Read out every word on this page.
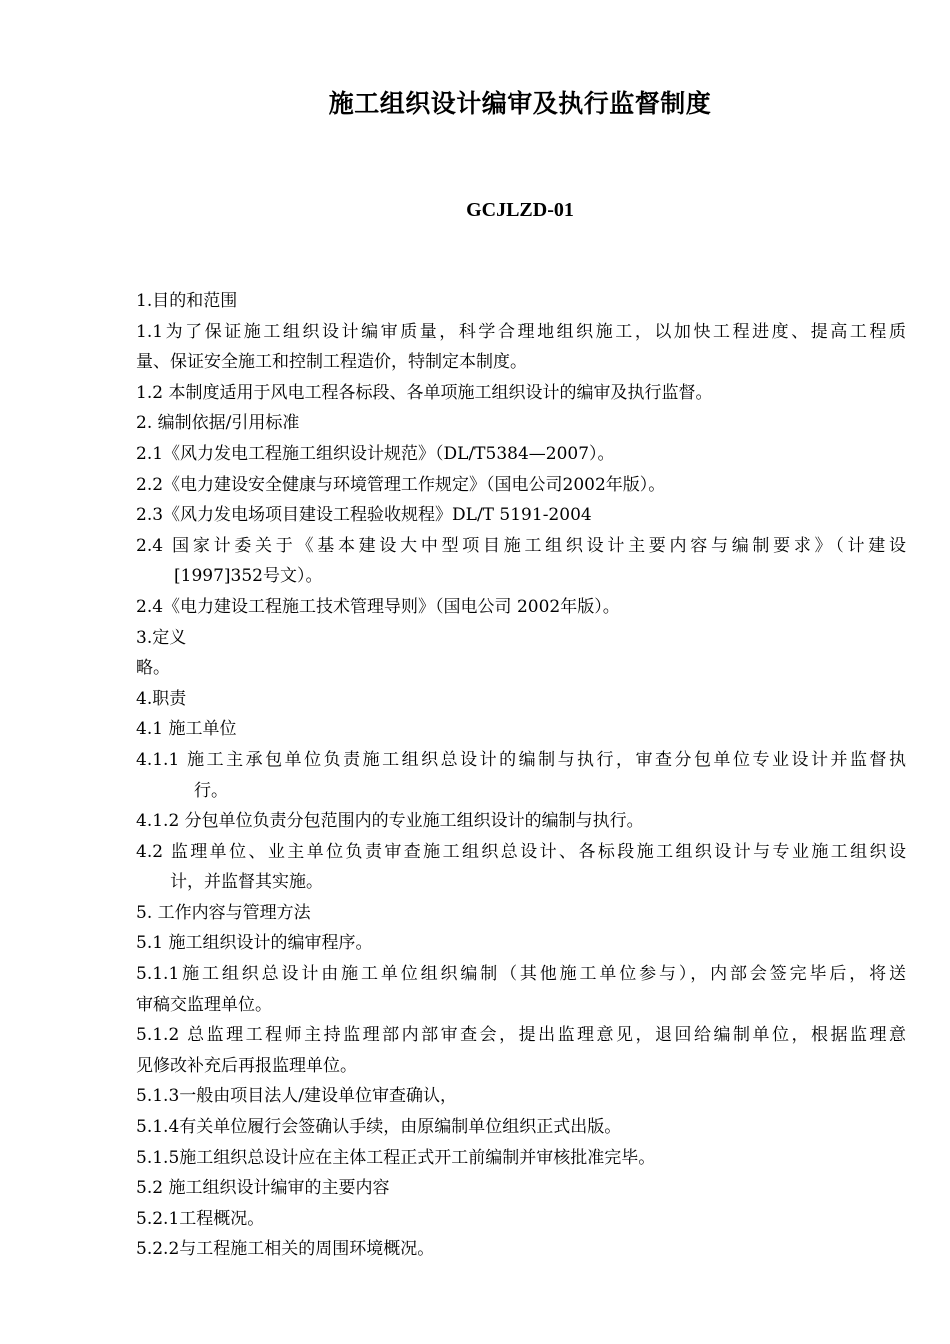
施工组织设计编审及执行监督制度
GCJLZD-01
1.目的和范围
1.1为了保证施工组织设计编审质量，科学合理地组织施工，以加快工程进度、提高工程质
量、保证安全施工和控制工程造价，特制定本制度。
1.2 本制度适用于风电工程各标段、各单项施工组织设计的编审及执行监督。
2. 编制依据/引用标准
2.1《风力发电工程施工组织设计规范》（DL/T5384—2007）。
2.2《电力建设安全健康与环境管理工作规定》（国电公司2002年版）。
2.3《风力发电场项目建设工程验收规程》DL/T 5191-2004
2.4 国家计委关于《基本建设大中型项目施工组织设计主要内容与编制要求》（计建设
[1997]352号文）。
2.4《电力建设工程施工技术管理导则》（国电公司 2002年版）。
3.定义
略。
4.职责
4.1 施工单位
4.1.1 施工主承包单位负责施工组织总设计的编制与执行，审查分包单位专业设计并监督执
行。
4.1.2 分包单位负责分包范围内的专业施工组织设计的编制与执行。
4.2 监理单位、业主单位负责审查施工组织总设计、各标段施工组织设计与专业施工组织设
计，并监督其实施。
5. 工作内容与管理方法
5.1 施工组织设计的编审程序。
5.1.1施工组织总设计由施工单位组织编制（其他施工单位参与），内部会签完毕后，将送
审稿交监理单位。
5.1.2 总监理工程师主持监理部内部审查会，提出监理意见，退回给编制单位，根据监理意
见修改补充后再报监理单位。
5.1.3一般由项目法人/建设单位审查确认，
5.1.4有关单位履行会签确认手续，由原编制单位组织正式出版。
5.1.5施工组织总设计应在主体工程正式开工前编制并审核批准完毕。
5.2 施工组织设计编审的主要内容
5.2.1工程概况。
5.2.2与工程施工相关的周围环境概况。
